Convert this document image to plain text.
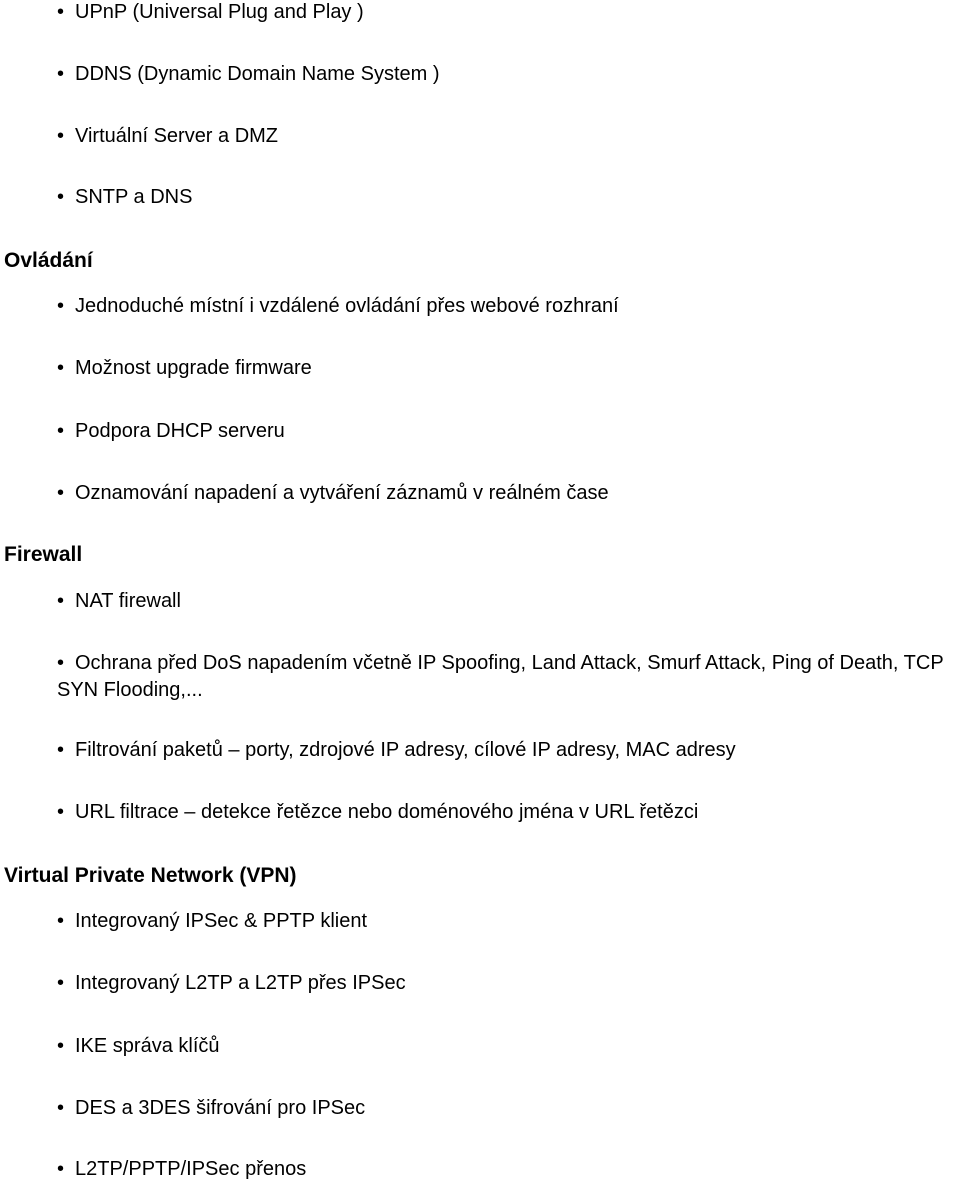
• UPnP (Universal Plug and Play )
• DDNS (Dynamic Domain Name System )
• Virtuální Server a DMZ
• SNTP a DNS
Ovládání
• Jednoduché místní i vzdálené ovládání přes webové rozhraní
• Možnost upgrade firmware
• Podpora DHCP serveru
• Oznamování napadení a vytváření záznamů v reálném čase
Firewall
• NAT firewall
• Ochrana před DoS napadením včetně IP Spoofing, Land Attack, Smurf Attack, Ping of Death, TCP SYN Flooding,...
• Filtrování paketů – porty, zdrojové IP adresy, cílové IP adresy, MAC adresy
• URL filtrace – detekce řetězce nebo doménového jména v URL řetězci
Virtual Private Network (VPN)
• Integrovaný IPSec & PPTP klient
• Integrovaný L2TP a L2TP přes IPSec
• IKE správa klíčů
• DES a 3DES šifrování pro IPSec
• L2TP/PPTP/IPSec přenos
